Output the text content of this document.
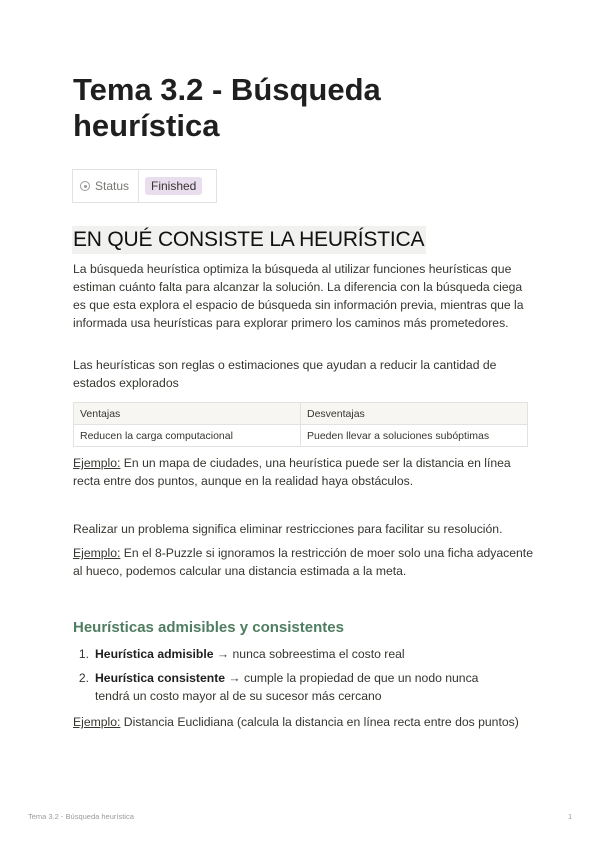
Tema 3.2 - Búsqueda heurística
Status	Finished
EN QUÉ CONSISTE LA HEURÍSTICA

La búsqueda heurística optimiza la búsqueda al utilizar funciones heurísticas que estiman cuánto falta para alcanzar la solución. La diferencia con la búsqueda ciega es que esta explora el espacio de búsqueda sin información previa, mientras que la informada usa heurísticas para explorar primero los caminos más prometedores.

Las heurísticas son reglas o estimaciones que ayudan a reducir la cantidad de estados explorados

Ventajas	Desventajas
Reducen la carga computacional	Pueden llevar a soluciones subóptimas

Ejemplo: En un mapa de ciudades, una heurística puede ser la distancia en línea recta entre dos puntos, aunque en la realidad haya obstáculos.

Realizar un problema significa eliminar restricciones para facilitar su resolución.

Ejemplo: En el 8-Puzzle si ignoramos la restricción de moer solo una ficha adyacente al hueco, podemos calcular una distancia estimada a la meta.

Heurísticas admisibles y consistentes
1. Heurística admisible → nunca sobreestima el costo real
2. Heurística consistente → cumple la propiedad de que un nodo nunca tendrá un costo mayor al de su sucesor más cercano

Ejemplo: Distancia Euclidiana (calcula la distancia en línea recta entre dos puntos)

Tema 3.2 - Búsqueda heurística	1
